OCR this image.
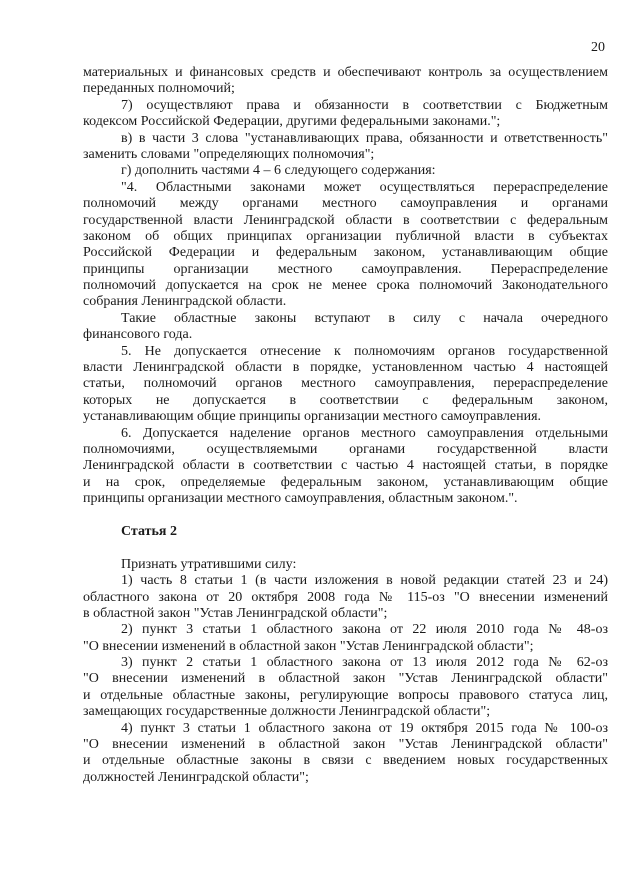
20
материальных и финансовых средств и обеспечивают контроль за осуществлением
переданных полномочий;
7) осуществляют права и обязанности в соответствии с Бюджетным
кодексом Российской Федерации, другими федеральными законами.";
в) в части 3 слова "устанавливающих права, обязанности и ответственность"
заменить словами "определяющих полномочия";
г) дополнить частями 4 – 6 следующего содержания:
"4. Областными законами может осуществляться перераспределение
полномочий между органами местного самоуправления и органами
государственной власти Ленинградской области в соответствии с федеральным
законом об общих принципах организации публичной власти в субъектах
Российской Федерации и федеральным законом, устанавливающим общие
принципы организации местного самоуправления. Перераспределение
полномочий допускается на срок не менее срока полномочий Законодательного
собрания Ленинградской области.
Такие областные законы вступают в силу с начала очередного
финансового года.
5. Не допускается отнесение к полномочиям органов государственной
власти Ленинградской области в порядке, установленном частью 4 настоящей
статьи, полномочий органов местного самоуправления, перераспределение
которых не допускается в соответствии с федеральным законом,
устанавливающим общие принципы организации местного самоуправления.
6. Допускается наделение органов местного самоуправления отдельными
полномочиями, осуществляемыми органами государственной власти
Ленинградской области в соответствии с частью 4 настоящей статьи, в порядке
и на срок, определяемые федеральным законом, устанавливающим общие
принципы организации местного самоуправления, областным законом.".
Статья 2
Признать утратившими силу:
1) часть 8 статьи 1 (в части изложения в новой редакции статей 23 и 24)
областного закона от 20 октября 2008 года № 115-оз "О внесении изменений
в областной закон "Устав Ленинградской области";
2) пункт 3 статьи 1 областного закона от 22 июля 2010 года № 48-оз
"О внесении изменений в областной закон "Устав Ленинградской области";
3) пункт 2 статьи 1 областного закона от 13 июля 2012 года № 62-оз
"О внесении изменений в областной закон "Устав Ленинградской области"
и отдельные областные законы, регулирующие вопросы правового статуса лиц,
замещающих государственные должности Ленинградской области";
4) пункт 3 статьи 1 областного закона от 19 октября 2015 года № 100-оз
"О внесении изменений в областной закон "Устав Ленинградской области"
и отдельные областные законы в связи с введением новых государственных
должностей Ленинградской области";
